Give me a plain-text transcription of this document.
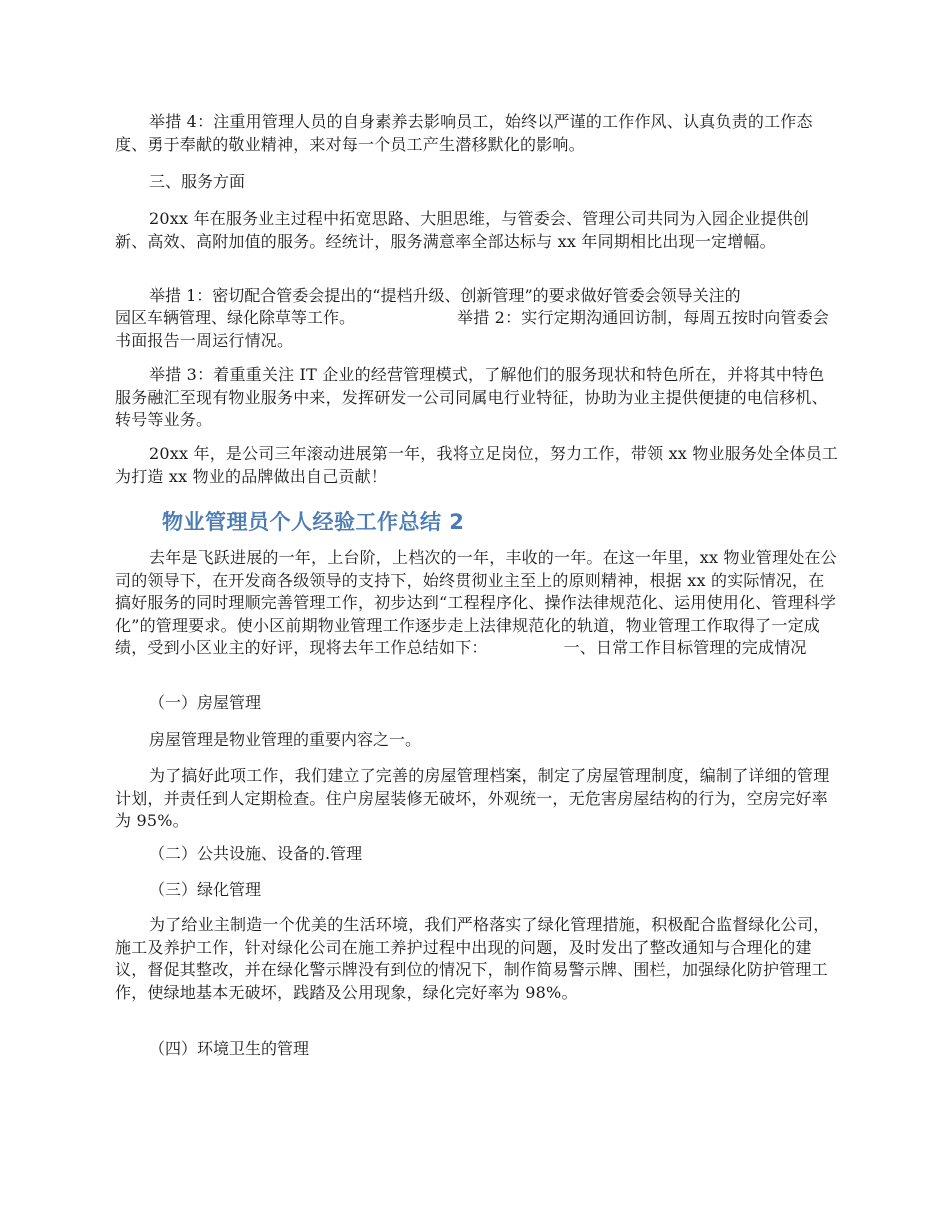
举措 4：注重用管理人员的自身素养去影响员工，始终以严谨的工作作风、认真负责的工作态度、勇于奉献的敬业精神，来对每一个员工产生潜移默化的影响。

三、服务方面

20xx 年在服务业主过程中拓宽思路、大胆思维，与管委会、管理公司共同为入园企业提供创新、高效、高附加值的服务。经统计，服务满意率全部达标与 xx 年同期相比出现一定增幅。

举措 1：密切配合管委会提出的“提档升级、创新管理”的要求做好管委会领导关注的

园区车辆管理、绿化除草等工作。	举措 2：实行定期沟通回访制，每周五按时向管委会书面报告一周运行情况。

举措 3：着重重关注 IT 企业的经营管理模式，了解他们的服务现状和特色所在，并将其中特色服务融汇至现有物业服务中来，发挥研发一公司同属电行业特征，协助为业主提供便捷的电信移机、转号等业务。

20xx 年，是公司三年滚动进展第一年，我将立足岗位，努力工作，带领 xx 物业服务处全体员工为打造 xx 物业的品牌做出自己贡献！

物业管理员个人经验工作总结 2

去年是飞跃进展的一年，上台阶，上档次的一年，丰收的一年。在这一年里，xx 物业管理处在公司的领导下，在开发商各级领导的支持下，始终贯彻业主至上的原则精神，根据 xx 的实际情况，在搞好服务的同时理顺完善管理工作，初步达到“工程程序化、操作法律规范化、运用使用化、管理科学化”的管理要求。使小区前期物业管理工作逐步走上法律规范化的轨道，物业管理工作取得了一定成绩，受到小区业主的好评，现将去年工作总结如下：	一、日常工作目标管理的完成情况

（一）房屋管理

房屋管理是物业管理的重要内容之一。

为了搞好此项工作，我们建立了完善的房屋管理档案，制定了房屋管理制度，编制了详细的管理计划，并责任到人定期检查。住户房屋装修无破坏，外观统一，无危害房屋结构的行为，空房完好率为 95%。

（二）公共设施、设备的.管理

（三）绿化管理

为了给业主制造一个优美的生活环境，我们严格落实了绿化管理措施，积极配合监督绿化公司，施工及养护工作，针对绿化公司在施工养护过程中出现的问题，及时发出了整改通知与合理化的建议，督促其整改，并在绿化警示牌没有到位的情况下，制作简易警示牌、围栏，加强绿化防护管理工作，使绿地基本无破坏，践踏及公用现象，绿化完好率为 98%。

（四）环境卫生的管理
